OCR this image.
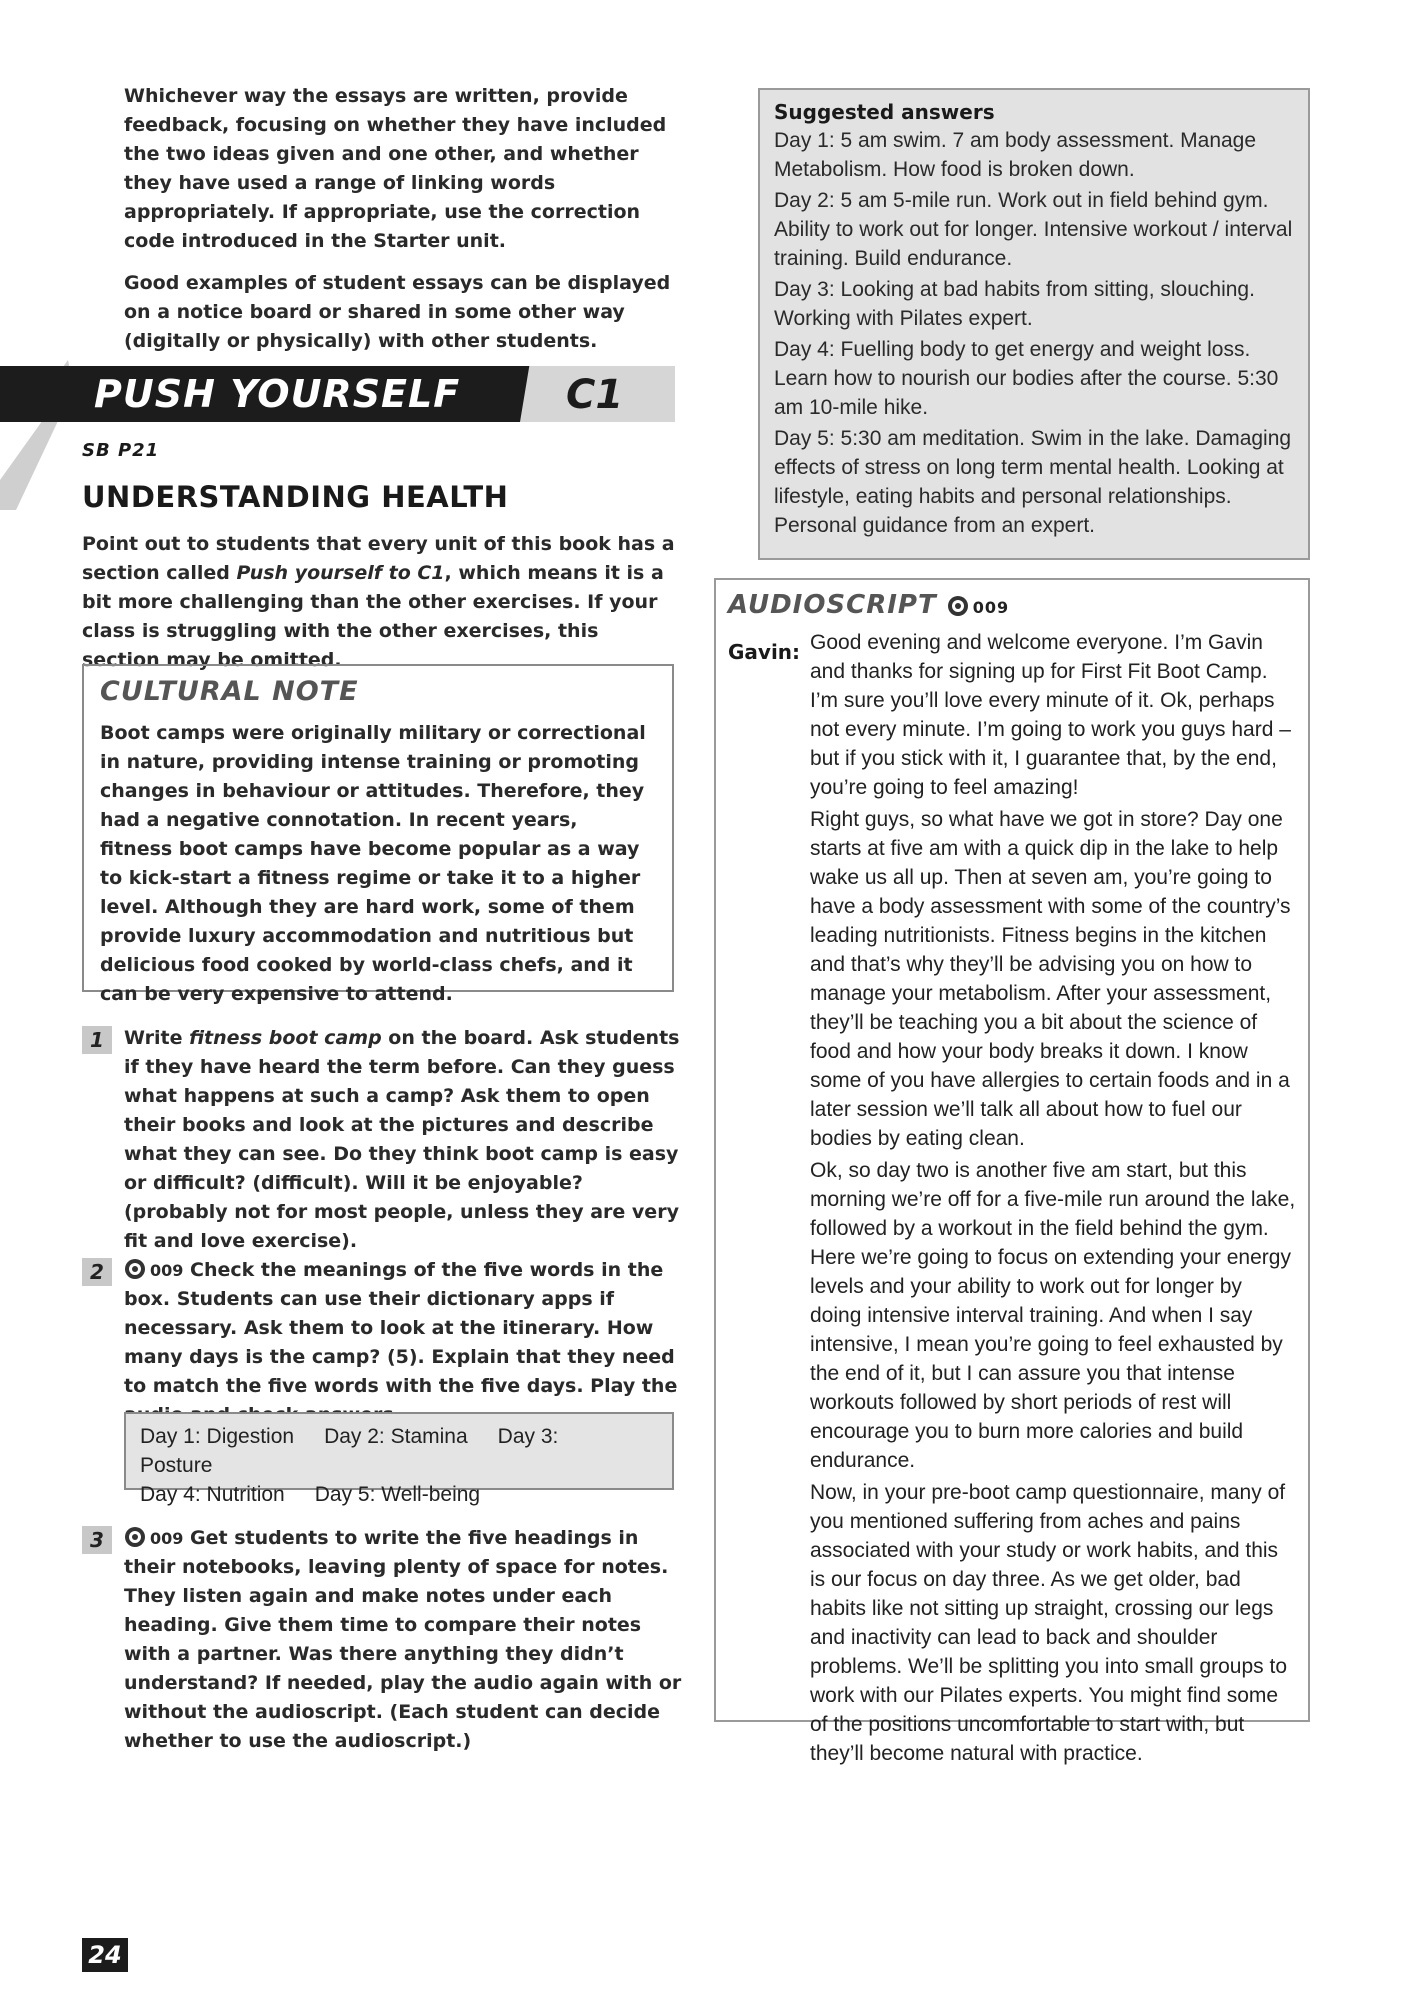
Whichever way the essays are written, provide feedback, focusing on whether they have included the two ideas given and one other, and whether they have used a range of linking words appropriately. If appropriate, use the correction code introduced in the Starter unit.

Good examples of student essays can be displayed on a notice board or shared in some other way (digitally or physically) with other students.

PUSH YOURSELF	C1
SB P21
UNDERSTANDING HEALTH

Point out to students that every unit of this book has a section called Push yourself to C1, which means it is a bit more challenging than the other exercises. If your class is struggling with the other exercises, this section may be omitted.

CULTURAL NOTE

Boot camps were originally military or correctional in nature, providing intense training or promoting changes in behaviour or attitudes. Therefore, they had a negative connotation. In recent years, fitness boot camps have become popular as a way to kick-start a fitness regime or take it to a higher level. Although they are hard work, some of them provide luxury accommodation and nutritious but delicious food cooked by world-class chefs, and it can be very expensive to attend.

1	Write fitness boot camp on the board. Ask students if they have heard the term before. Can they guess what happens at such a camp? Ask them to open their books and look at the pictures and describe what they can see. Do they think boot camp is easy or difficult? (difficult). Will it be enjoyable? (probably not for most people, unless they are very fit and love exercise).

2	009 Check the meanings of the five words in the box. Students can use their dictionary apps if necessary. Ask them to look at the itinerary. How many days is the camp? (5). Explain that they need to match the five words with the five days. Play the

Day 1: Digestion Day 2: Stamina Day 3: Posture
Day 4: Nutrition Day 5: Well-being
3	009 Get students to write the five headings in their notebooks, leaving plenty of space for notes. They listen again and make notes under each heading. Give them time to compare their notes with a partner. Was there anything they didn’t understand? If needed, play the audio again with or without the audioscript. (Each student can decide whether to use the audioscript.)

Suggested answers

Day 1: 5 am swim. 7 am body assessment. Manage Metabolism. How food is broken down.

Day 2: 5 am 5-mile run. Work out in field behind gym. Ability to work out for longer. Intensive workout / interval training. Build endurance.

Day 3: Looking at bad habits from sitting, slouching. Working with Pilates expert.

Day 4: Fuelling body to get energy and weight loss. Learn how to nourish our bodies after the course. 5:30 am 10-mile hike.

Day 5: 5:30 am meditation. Swim in the lake. Damaging effects of stress on long term mental health. Looking at lifestyle, eating habits and personal relationships. Personal guidance from an expert.

AUDIOSCRIPT 009
Gavin: Good evening and welcome everyone. I’m Gavin and thanks for signing up for First Fit Boot Camp. I’m sure you’ll love every minute of it. Ok, perhaps not every minute. I’m going to work you guys hard – but if you stick with it, I guarantee that, by the end, you’re going to feel amazing!

Right guys, so what have we got in store? Day one starts at five am with a quick dip in the lake to help wake us all up. Then at seven am, you’re going to have a body assessment with some of the country’s leading nutritionists. Fitness begins in the kitchen and that’s why they’ll be advising you on how to manage your metabolism. After your assessment, they’ll be teaching you a bit about the science of food and how your body breaks it down. I know some of you have allergies to certain foods and in a later session we’ll talk all about how to fuel our bodies by eating clean.

Ok, so day two is another five am start, but this morning we’re off for a five-mile run around the lake, followed by a workout in the field behind the gym. Here we’re going to focus on extending your energy levels and your ability to work out for longer by doing intensive interval training. And when I say intensive, I mean you’re going to feel exhausted by the end of it, but I can assure you that intense workouts followed by short periods of rest will encourage you to burn more calories and build endurance.

Now, in your pre-boot camp questionnaire, many of you mentioned suffering from aches and pains associated with your study or work habits, and this is our focus on day three. As we get older, bad habits like not sitting up straight, crossing our legs and inactivity can lead to back and shoulder problems. We’ll be splitting you into small groups to work with our Pilates experts. You might find some of the positions uncomfortable to start with, but they’ll become natural with practice.

24
